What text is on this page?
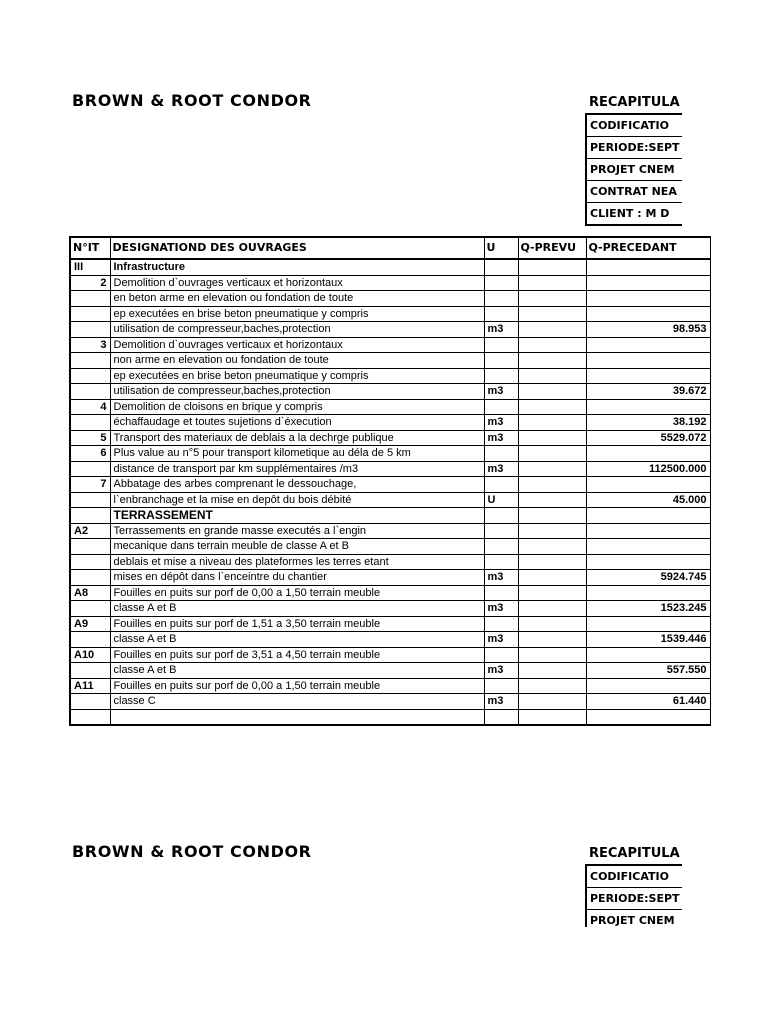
BROWN & ROOT CONDOR	RECAPITULA
CODIFICATIO
PERIODE:SEPT
PROJET CNEM
CONTRAT NEA
CLIENT : M D
N°IT	DESIGNATIOND DES OUVRAGES	U	Q-PREVU	Q-PRECEDANT
III	Infrastructure			
2	Demolition d`ouvrages verticaux et horizontaux			
	en beton arme en elevation ou fondation de toute			
	ep executées en brise beton pneumatique y compris			
	utilisation de compresseur,baches,protection	m3		98.953
3	Demolition d`ouvrages verticaux et horizontaux			
	non arme en elevation ou fondation de toute			
	ep executées en brise beton pneumatique y compris			
	utilisation de compresseur,baches,protection	m3		39.672
4	Demolition de cloisons en brique y compris			
	échaffaudage et toutes sujetions d`éxecution	m3		38.192
5	Transport des materiaux de deblais a la dechrge publique	m3		5529.072
6	Plus value au n°5 pour transport kilometique au déla de 5 km			
	distance de transport par km supplémentaires /m3	m3		112500.000
7	Abbatage des arbes comprenant le dessouchage,			
	l`enbranchage et la mise en depôt du bois débité	U		45.000
	TERRASSEMENT			
A2	Terrassements en grande masse executés a l`engin			
	mecanique dans terrain meuble de classe A et B			
	deblais et mise a niveau des plateformes les terres etant			
	mises en dépôt dans l`enceintre du chantier	m3		5924.745
A8	Fouilles en puits sur porf de 0,00 a 1,50 terrain meuble			
	classe A et B	m3		1523.245
A9	Fouilles en puits sur porf de 1,51 a 3,50 terrain meuble			
	classe A et B	m3		1539.446
A10	Fouilles en puits sur porf de 3,51 a 4,50 terrain meuble			
	classe A et B	m3		557.550
A11	Fouilles en puits sur porf de 0,00 a 1,50 terrain meuble			
	classe C	m3		61.440

BROWN & ROOT CONDOR	RECAPITULA
CODIFICATIO
PERIODE:SEPT
PROJET CNEM
